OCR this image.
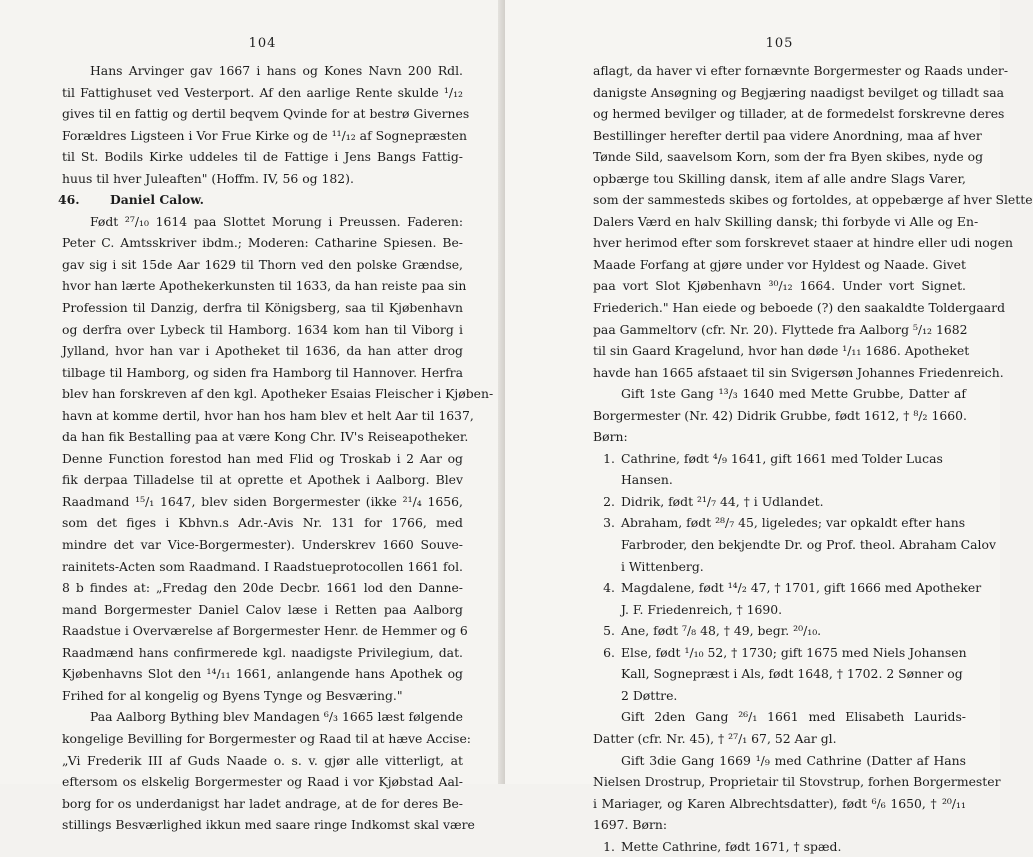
104
Hans Arvinger gav 1667 i hans og Kones Navn 200 Rdl.
til Fattighuset ved Vesterport. Af den aarlige Rente skulde ¹/₁₂
gives til en fattig og dertil beqvem Qvinde for at bestrø Givernes
Forældres Ligsteen i Vor Frue Kirke og de ¹¹/₁₂ af Sognepræsten
til St. Bodils Kirke uddeles til de Fattige i Jens Bangs Fattig-
huus til hver Juleaften" (Hoffm. IV, 56 og 182).
46. Daniel Calow.
Født ²⁷/₁₀ 1614 paa Slottet Morung i Preussen. Faderen:
Peter C. Amtsskriver ibdm.; Moderen: Catharine Spiesen. Be-
gav sig i sit 15de Aar 1629 til Thorn ved den polske Grændse,
hvor han lærte Apothekerkunsten til 1633, da han reiste paa sin
Profession til Danzig, derfra til Königsberg, saa til Kjøbenhavn
og derfra over Lybeck til Hamborg. 1634 kom han til Viborg i
Jylland, hvor han var i Apotheket til 1636, da han atter drog
tilbage til Hamborg, og siden fra Hamborg til Hannover. Herfra
blev han forskreven af den kgl. Apotheker Esaias Fleischer i Kjøben-
havn at komme dertil, hvor han hos ham blev et helt Aar til 1637,
da han fik Bestalling paa at være Kong Chr. IV's Reiseapotheker.
Denne Function forestod han med Flid og Troskab i 2 Aar og
fik derpaa Tilladelse til at oprette et Apothek i Aalborg. Blev
Raadmand ¹⁵/₁ 1647, blev siden Borgermester (ikke ²¹/₄ 1656,
som det figes i Kbhvn.s Adr.-Avis Nr. 131 for 1766, med
mindre det var Vice-Borgermester). Underskrev 1660 Souve-
rainitets-Acten som Raadmand. I Raadstueprotocollen 1661 fol.
8 b findes at: „Fredag den 20de Decbr. 1661 lod den Danne-
mand Borgermester Daniel Calov læse i Retten paa Aalborg
Raadstue i Overværelse af Borgermester Henr. de Hemmer og 6
Raadmænd hans confirmerede kgl. naadigste Privilegium, dat.
Kjøbenhavns Slot den ¹⁴/₁₁ 1661, anlangende hans Apothek og
Frihed for al kongelig og Byens Tynge og Besværing."
Paa Aalborg Bything blev Mandagen ⁶/₃ 1665 læst følgende
kongelige Bevilling for Borgermester og Raad til at hæve Accise:
„Vi Frederik III af Guds Naade o. s. v. gjør alle vitterligt, at
eftersom os elskelig Borgermester og Raad i vor Kjøbstad Aal-
borg for os underdanigst har ladet andrage, at de for deres Be-
stillings Besværlighed ikkun med saare ringe Indkomst skal være
105
aflagt, da haver vi efter fornævnte Borgermester og Raads under-
danigste Ansøgning og Begjæring naadigst bevilget og tilladt saa
og hermed bevilger og tillader, at de formedelst forskrevne deres
Bestillinger herefter dertil paa videre Anordning, maa af hver
Tønde Sild, saavelsom Korn, som der fra Byen skibes, nyde og
opbærge tou Skilling dansk, item af alle andre Slags Varer,
som der sammesteds skibes og fortoldes, at oppebærge af hver Slette
Dalers Værd en halv Skilling dansk; thi forbyde vi Alle og En-
hver herimod efter som forskrevet staaer at hindre eller udi nogen
Maade Forfang at gjøre under vor Hyldest og Naade. Givet
paa vort Slot Kjøbenhavn ³⁰/₁₂ 1664. Under vort Signet.
Friederich." Han eiede og beboede (?) den saakaldte Toldergaard
paa Gammeltorv (cfr. Nr. 20). Flyttede fra Aalborg ⁵/₁₂ 1682
til sin Gaard Kragelund, hvor han døde ¹/₁₁ 1686. Apotheket
havde han 1665 afstaaet til sin Svigersøn Johannes Friedenreich.
Gift 1ste Gang ¹³/₃ 1640 med Mette Grubbe, Datter af
Borgermester (Nr. 42) Didrik Grubbe, født 1612, † ⁸/₂ 1660.
Børn:
1. Cathrine, født ⁴/₉ 1641, gift 1661 med Tolder Lucas
Hansen.
2. Didrik, født ²¹/₇ 44, † i Udlandet.
3. Abraham, født ²⁸/₇ 45, ligeledes; var opkaldt efter hans
Farbroder, den bekjendte Dr. og Prof. theol. Abraham Calov
i Wittenberg.
4. Magdalene, født ¹⁴/₂ 47, † 1701, gift 1666 med Apotheker
J. F. Friedenreich, † 1690.
5. Ane, født ⁷/₈ 48, † 49, begr. ²⁰/₁₀.
6. Else, født ¹/₁₀ 52, † 1730; gift 1675 med Niels Johansen
Kall, Sognepræst i Als, født 1648, † 1702. 2 Sønner og
2 Døttre.
Gift 2den Gang ²⁶/₁ 1661 med Elisabeth Laurids-
Datter (cfr. Nr. 45), † ²⁷/₁ 67, 52 Aar gl.
Gift 3die Gang 1669 ¹/₉ med Cathrine (Datter af Hans
Nielsen Drostrup, Proprietair til Stovstrup, forhen Borgermester
i Mariager, og Karen Albrechtsdatter), født ⁶/₆ 1650, † ²⁰/₁₁
1697. Børn:
1. Mette Cathrine, født 1671, † spæd.
